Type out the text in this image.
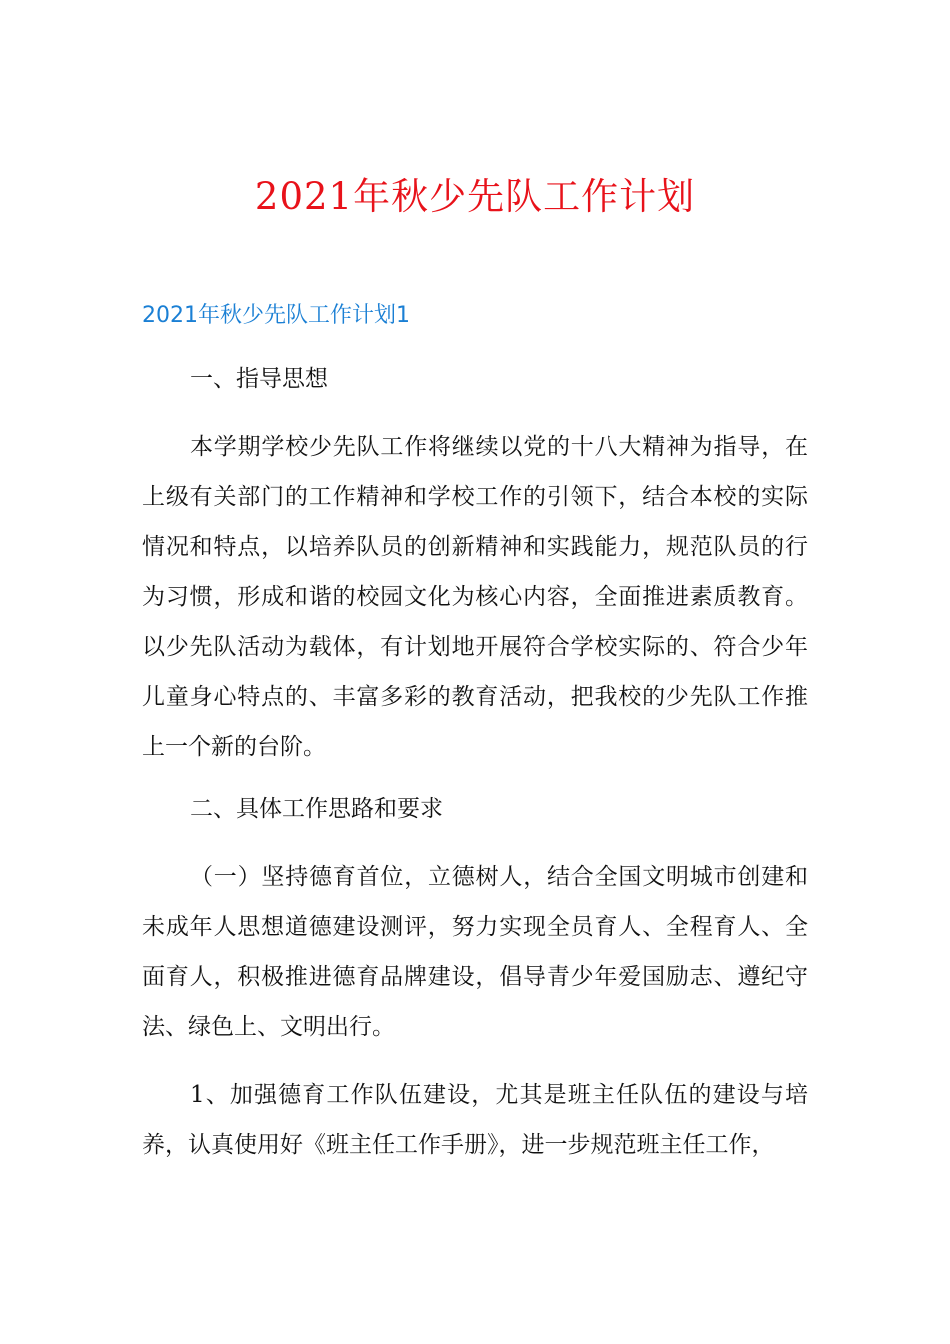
2021年秋少先队工作计划
2021年秋少先队工作计划1
一、指导思想

本学期学校少先队工作将继续以党的十八大精神为指导，在上级有关部门的工作精神和学校工作的引领下，结合本校的实际情况和特点，以培养队员的创新精神和实践能力，规范队员的行为习惯，形成和谐的校园文化为核心内容，全面推进素质教育。以少先队活动为载体，有计划地开展符合学校实际的、符合少年儿童身心特点的、丰富多彩的教育活动，把我校的少先队工作推上一个新的台阶。

二、具体工作思路和要求

（一）坚持德育首位，立德树人，结合全国文明城市创建和未成年人思想道德建设测评，努力实现全员育人、全程育人、全面育人，积极推进德育品牌建设，倡导青少年爱国励志、遵纪守法、绿色上、文明出行。

1、加强德育工作队伍建设，尤其是班主任队伍的建设与培养，认真使用好《班主任工作手册》，进一步规范班主任工作，
